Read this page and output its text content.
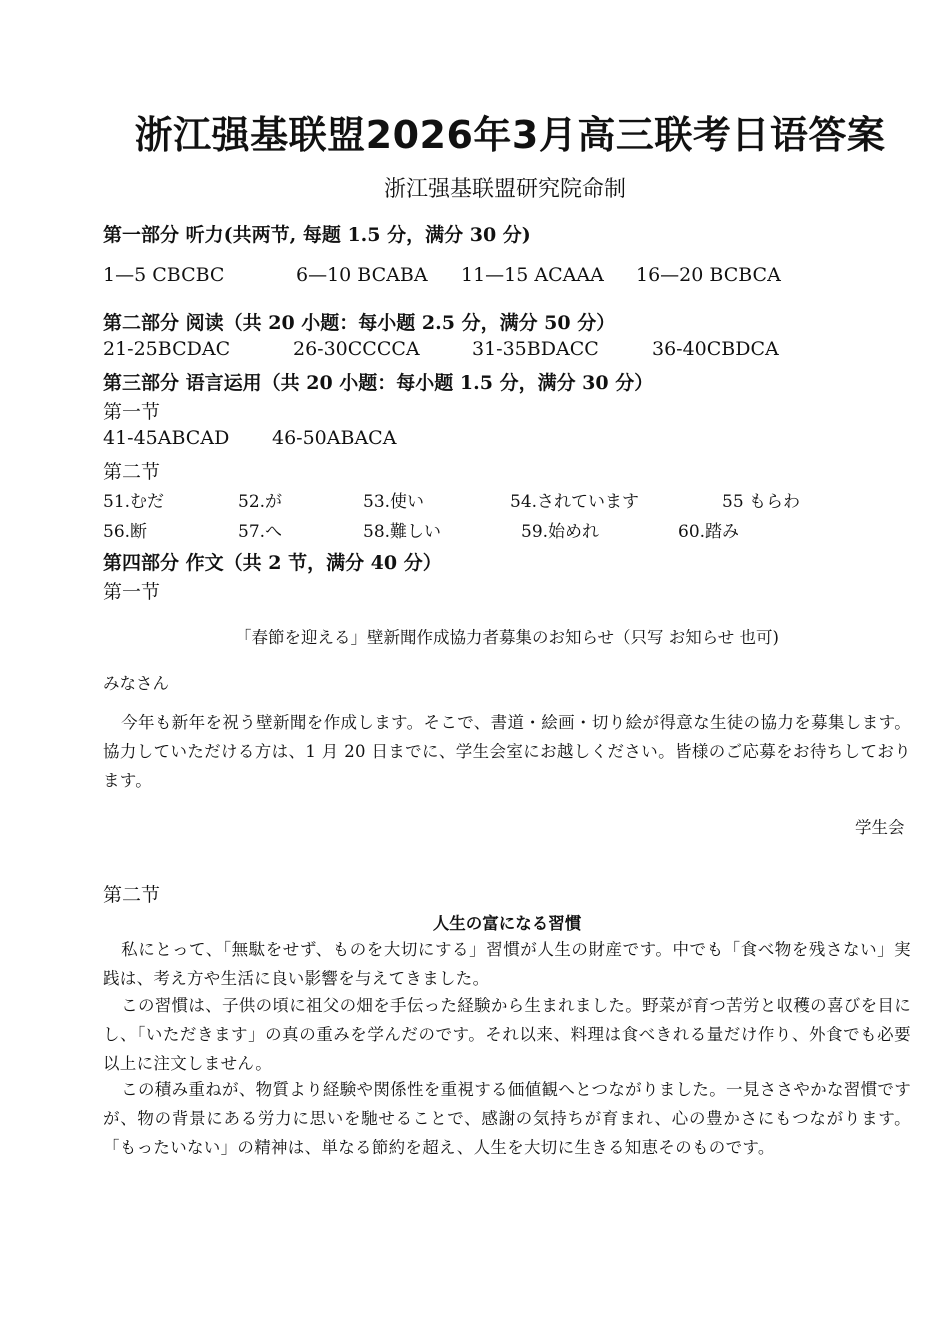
浙江强基联盟2026年3月高三联考日语答案
浙江强基联盟研究院命制
第一部分 听力(共两节, 每题 1.5 分，满分 30 分)
1—5 CBCBC	6—10 BCABA 11—15 ACAAA 16—20 BCBCA
第二部分 阅读（共 20 小题：每小题 2.5 分，满分 50 分）
21-25BCDAC	26-30CCCCA	31-35BDACC	36-40CBDCA
第三部分 语言运用（共 20 小题：每小题 1.5 分，满分 30 分）
第一节
41-45ABCAD 46-50ABACA
第二节
51.むだ	52.が	53.使い	54.されています	55 もらわ
56.断	57.へ	58.難しい	59.始めれ	60.踏み
第四部分 作文（共 2 节，满分 40 分）
第一节
「春節を迎える」壁新聞作成協力者募集のお知らせ（只写 お知らせ 也可)
みなさん
今年も新年を祝う壁新聞を作成します。そこで、書道・絵画・切り絵が得意な生徒の協力を募集します。協力していただける方は、1 月 20 日までに、学生会室にお越しください。皆様のご応募をお待ちしております。
学生会
第二节
人生の富になる習慣
私にとって、「無駄をせず、ものを大切にする」習慣が人生の財産です。中でも「食べ物を残さない」実践は、考え方や生活に良い影響を与えてきました。
この習慣は、子供の頃に祖父の畑を手伝った経験から生まれました。野菜が育つ苦労と収穫の喜びを目にし、「いただきます」の真の重みを学んだのです。それ以来、料理は食べきれる量だけ作り、外食でも必要以上に注文しません。
この積み重ねが、物質より経験や関係性を重視する価値観へとつながりました。一見ささやかな習慣ですが、物の背景にある労力に思いを馳せることで、感謝の気持ちが育まれ、心の豊かさにもつながります。「もったいない」の精神は、単なる節約を超え、人生を大切に生きる知恵そのものです。
